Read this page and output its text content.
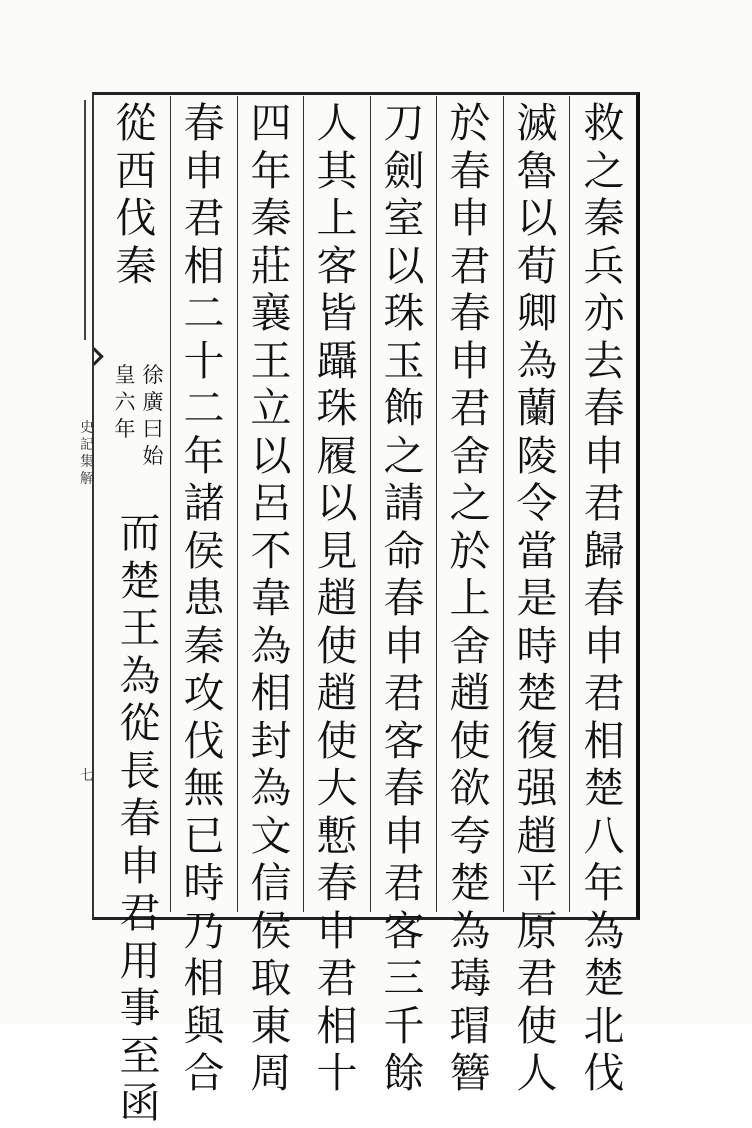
史
記
集
解
七
救
之
秦
兵
亦
去
春
申
君
歸
春
申
君
相
楚
八
年
為
楚
北
伐
滅
魯
以
荀
卿
為
蘭
陵
令
當
是
時
楚
復
强
趙
平
原
君
使
人
於
春
申
君
春
申
君
舍
之
於
上
舍
趙
使
欲
夸
楚
為
瑇
瑁
簪
刀
劍
室
以
珠
玉
飾
之
請
命
春
申
君
客
春
申
君
客
三
千
餘
人
其
上
客
皆
躡
珠
履
以
見
趙
使
趙
使
大
慙
春
申
君
相
十
四
年
秦
莊
襄
王
立
以
呂
不
韋
為
相
封
為
文
信
侯
取
東
周
春
申
君
相
二
十
二
年
諸
侯
患
秦
攻
伐
無
已
時
乃
相
與
合
從
西
伐
秦
徐
廣
曰
始
皇
六
年
而
楚
王
為
從
長
春
申
君
用
事
至
函
